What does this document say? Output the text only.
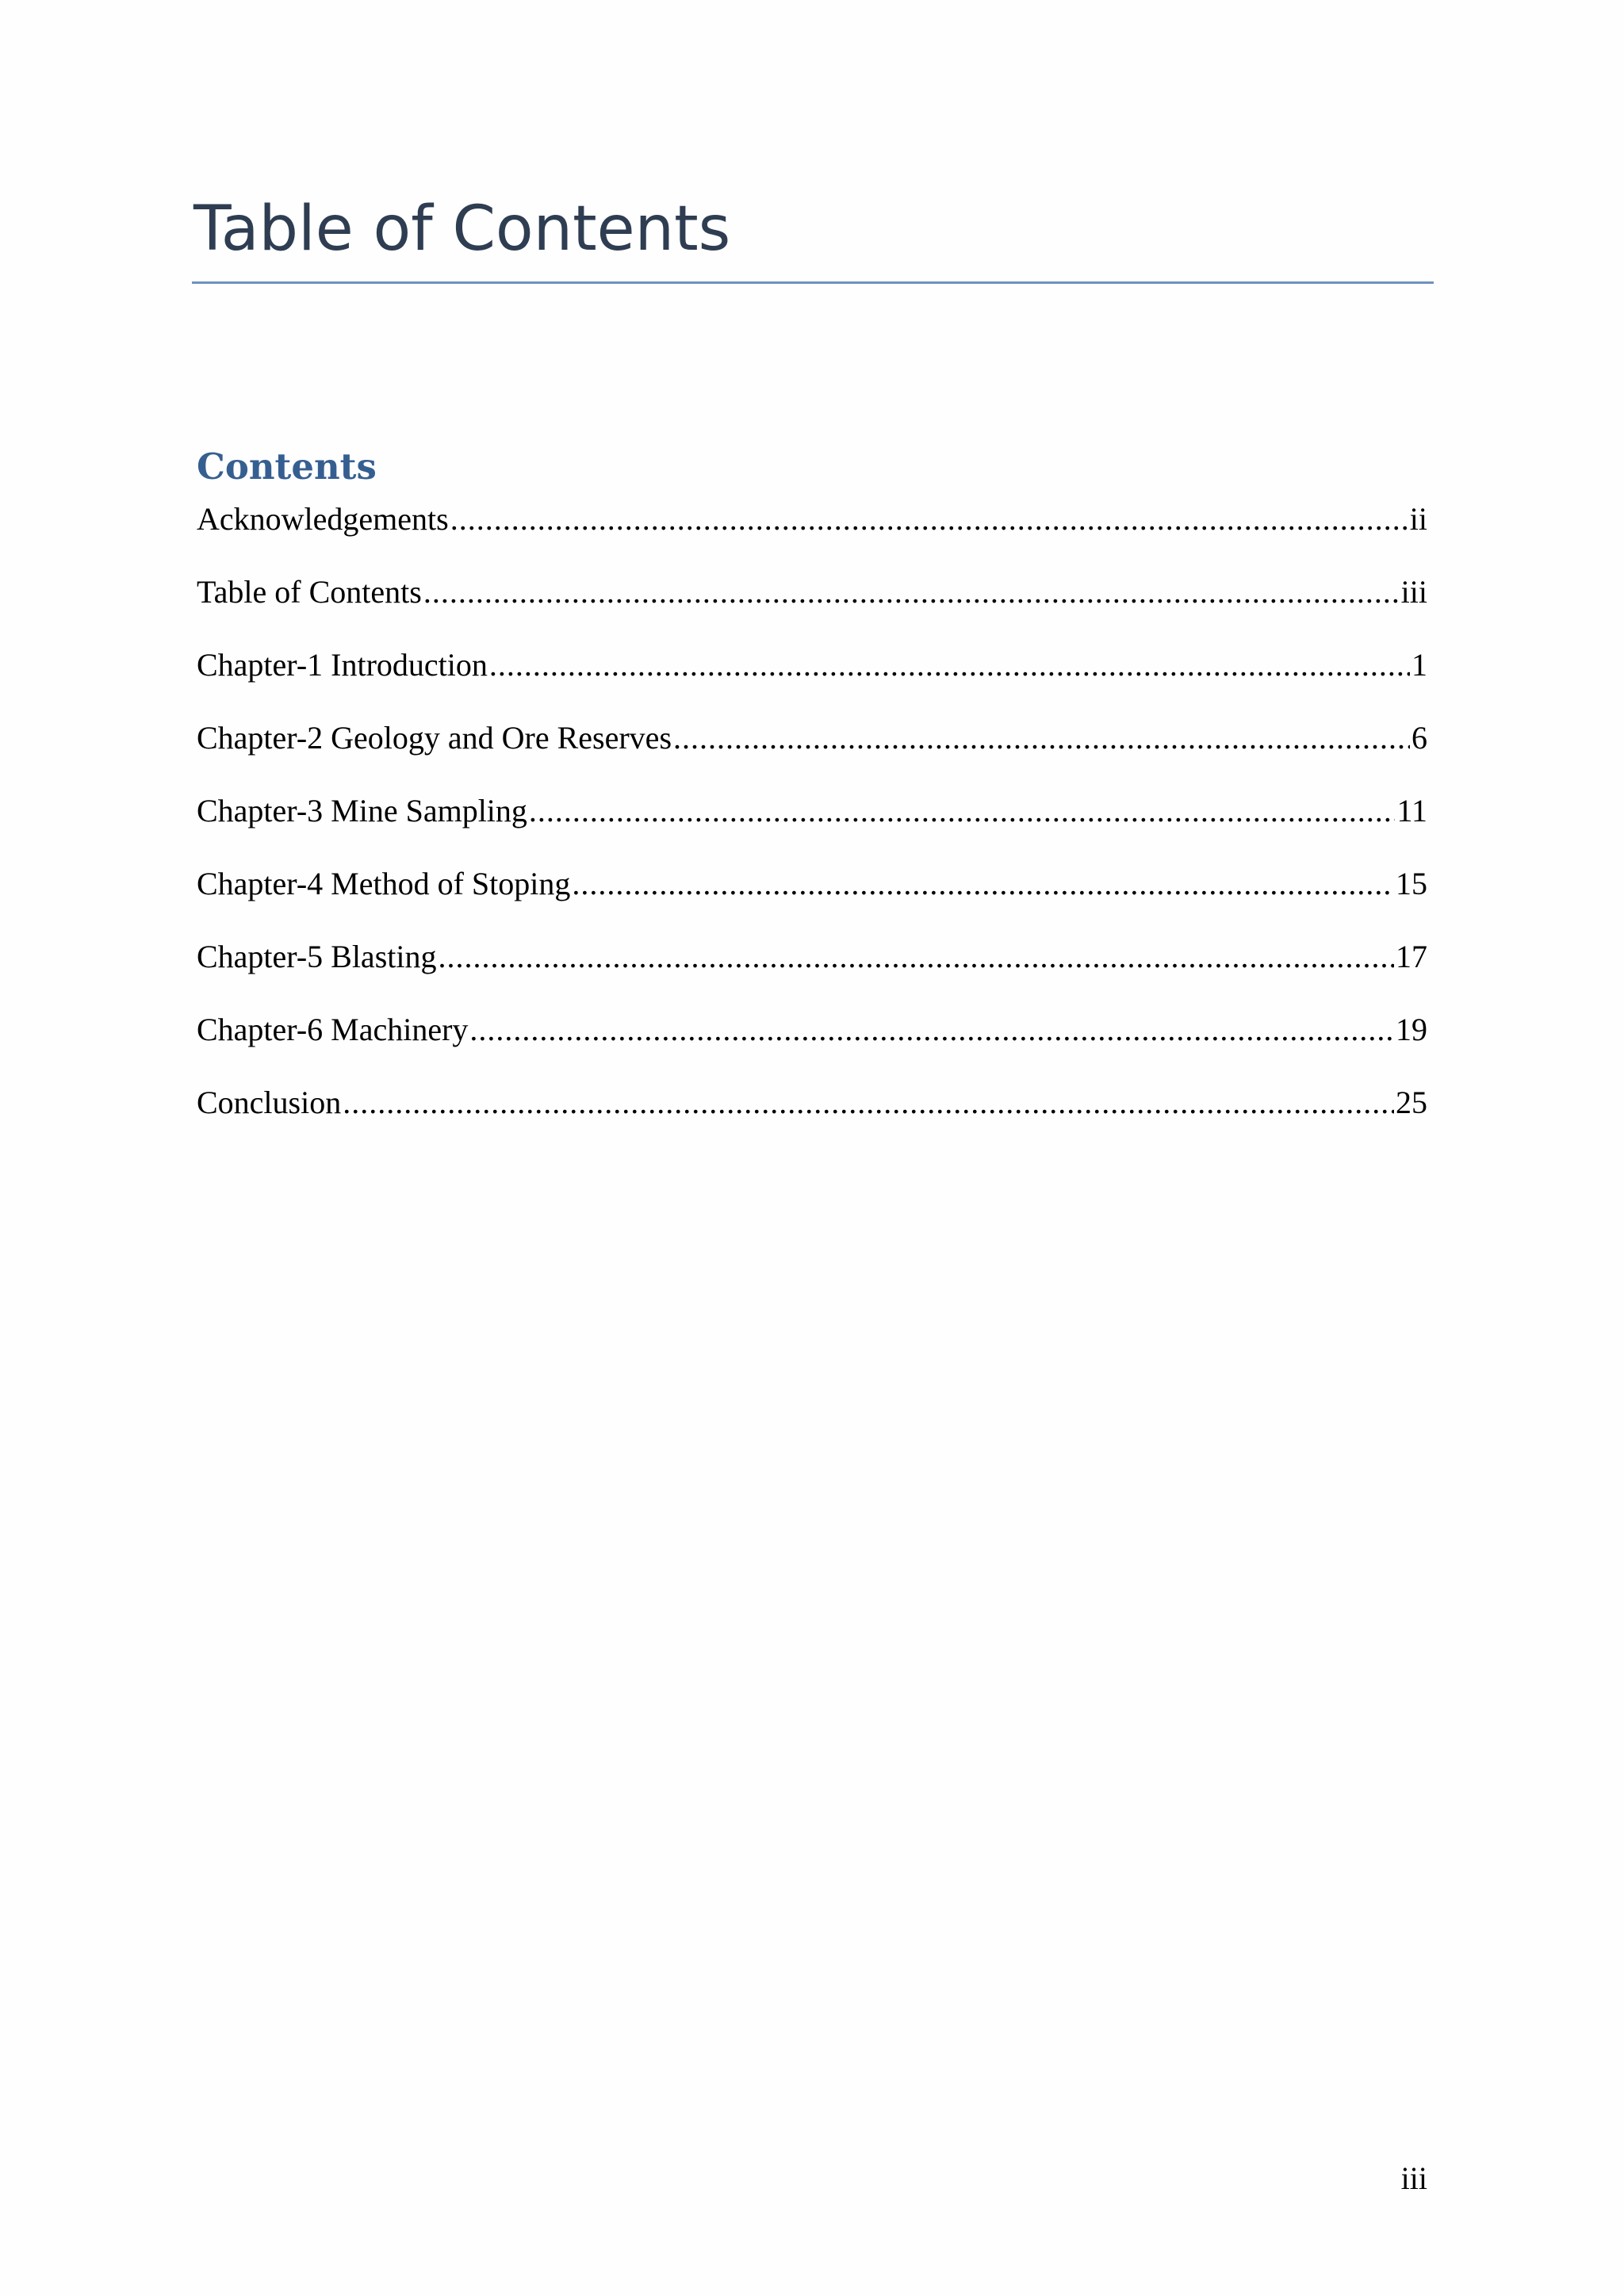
Table of Contents
Contents
Acknowledgements .....	ii
Table of Contents .....	iii
Chapter-1 Introduction .....	1
Chapter-2 Geology and Ore Reserves .....	6
Chapter-3 Mine Sampling .....	11
Chapter-4 Method of Stoping .....	15
Chapter-5 Blasting .....	17
Chapter-6 Machinery .....	19
Conclusion .....	25
iii
